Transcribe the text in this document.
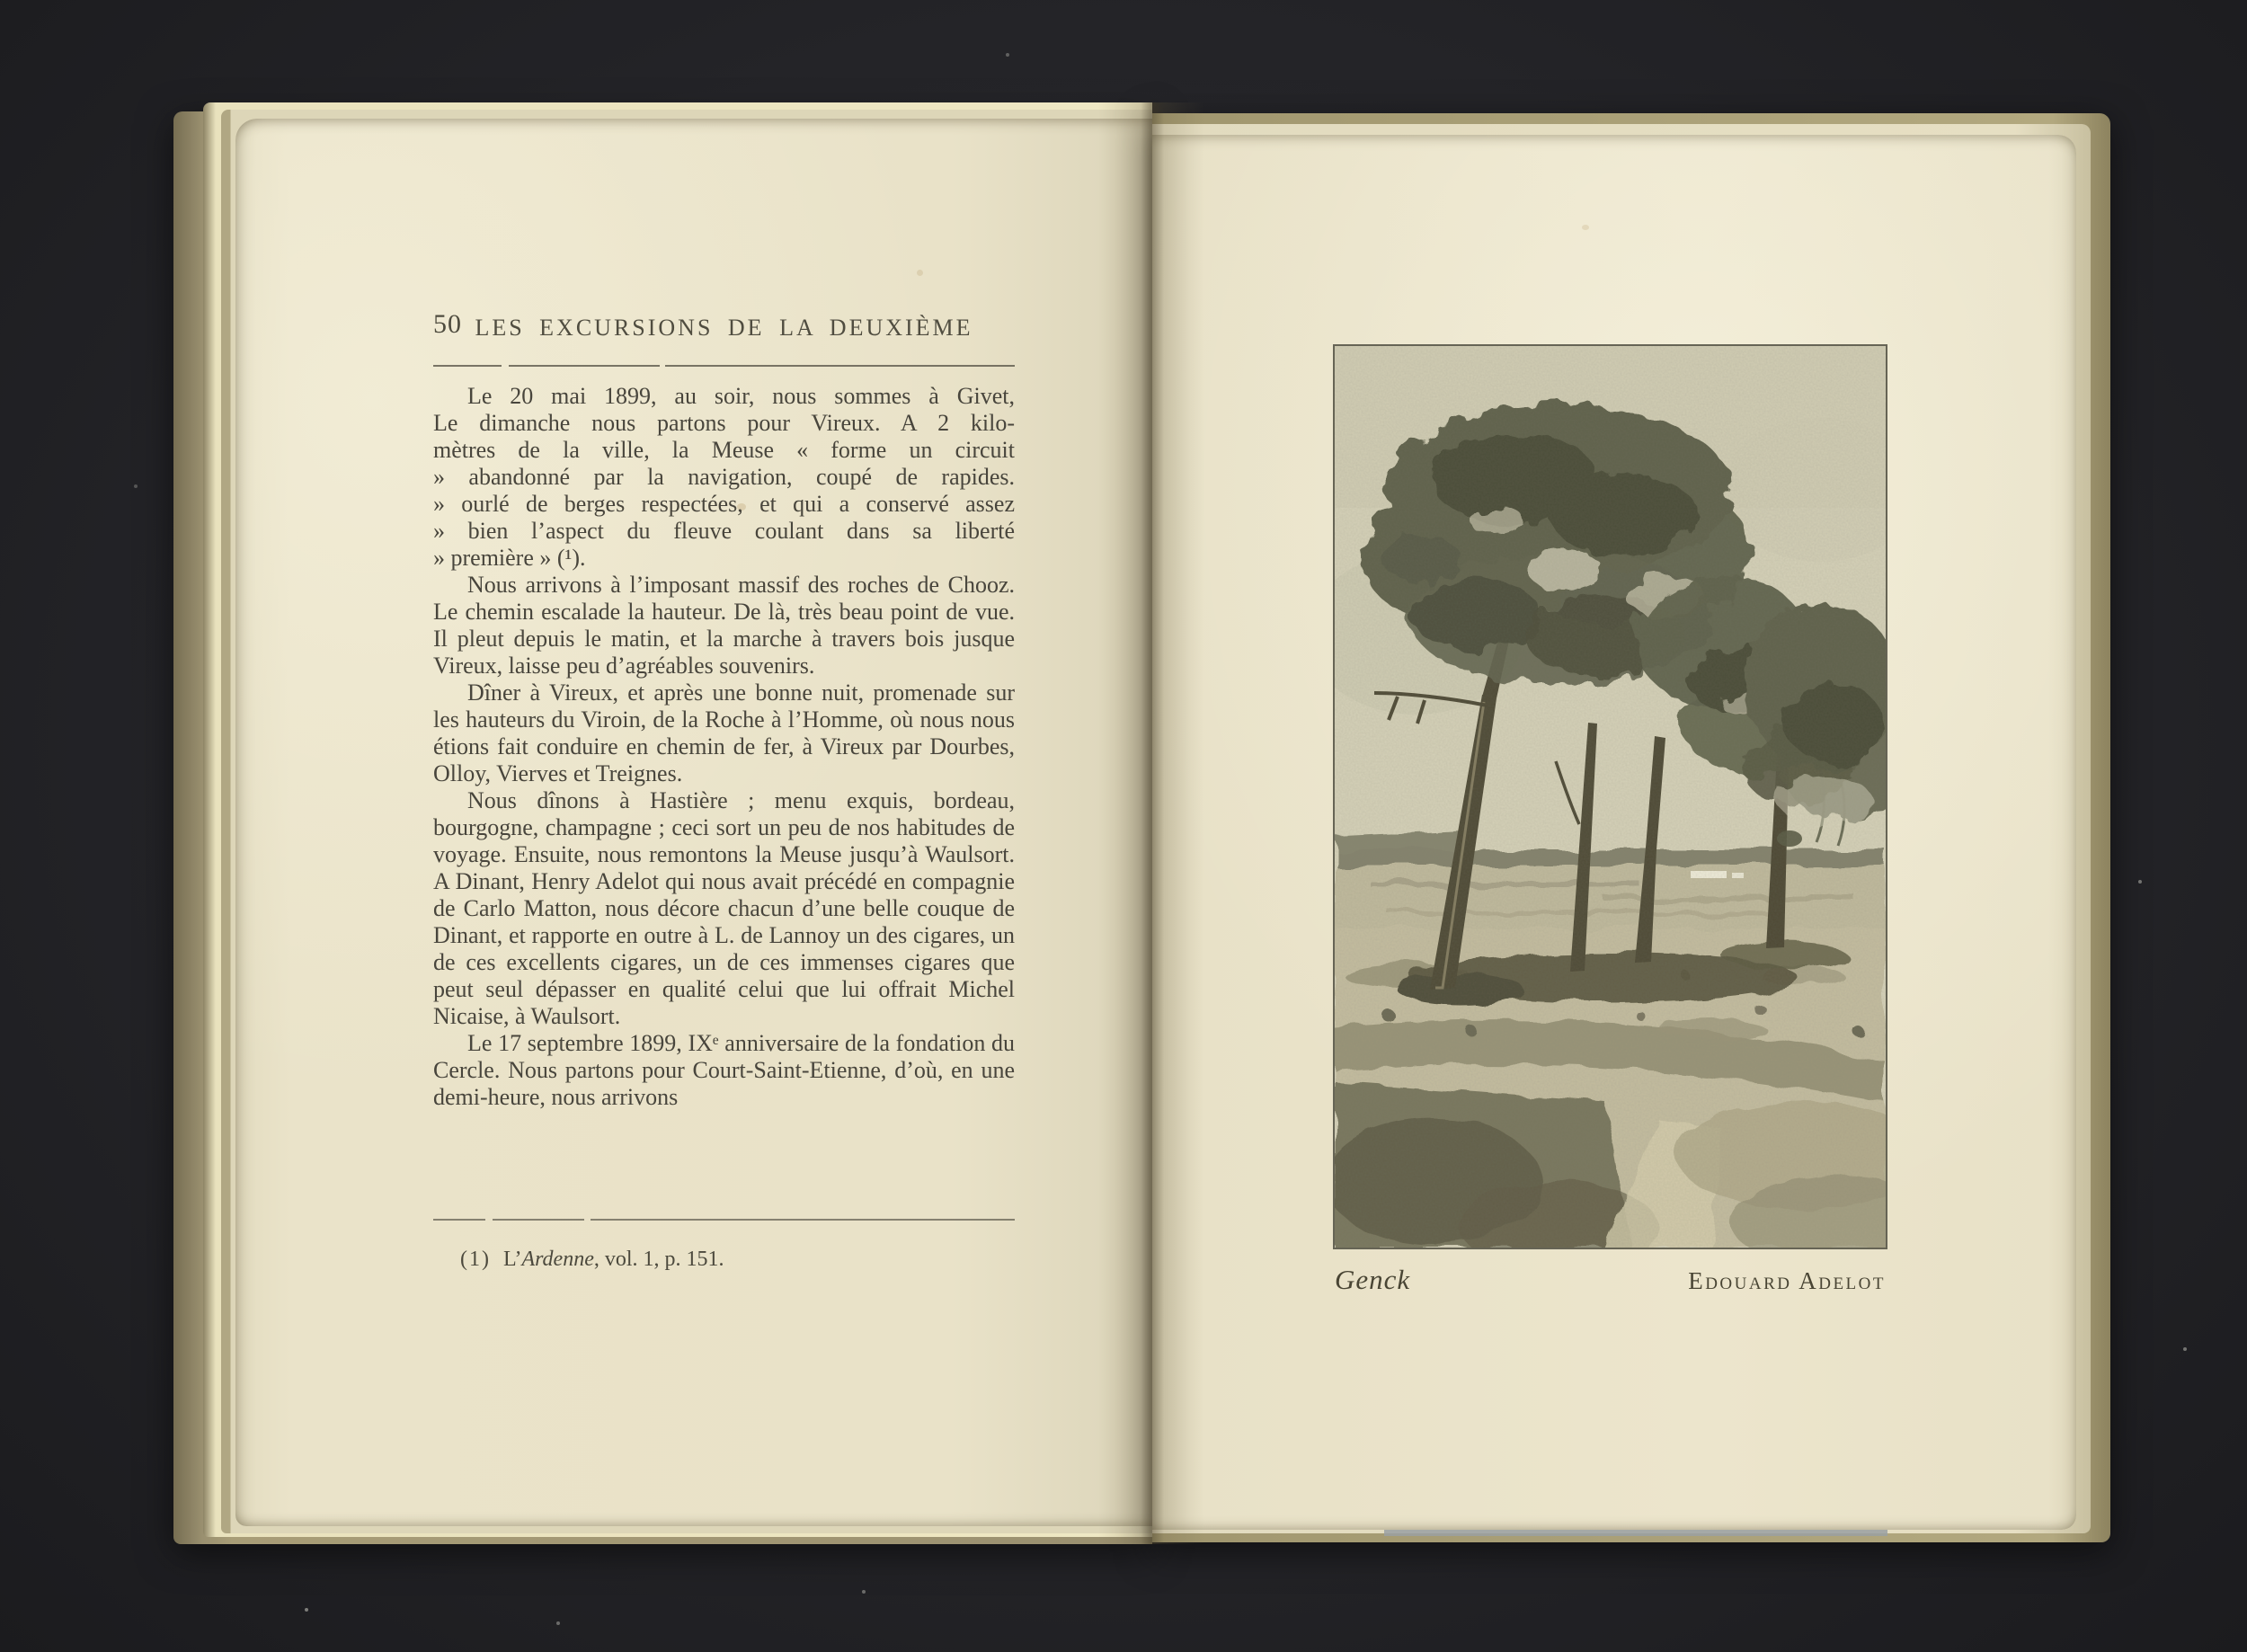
50 LES EXCURSIONS DE LA DEUXIÈME
Le 20 mai 1899, au soir, nous sommes à Givet,
Le dimanche nous partons pour Vireux. A 2 kilo-
mètres de la ville, la Meuse « forme un circuit
» abandonné par la navigation, coupé de rapides.
» ourlé de berges respectées, et qui a conservé assez
» bien l’aspect du fleuve coulant dans sa liberté
» première » (¹).

Nous arrivons à l’imposant massif des roches de Chooz. Le chemin escalade la hauteur. De là, très beau point de vue. Il pleut depuis le matin, et la marche à travers bois jusque Vireux, laisse peu d’agréables souvenirs.

Dîner à Vireux, et après une bonne nuit, promenade sur les hauteurs du Viroin, de la Roche à l’Homme, où nous nous étions fait conduire en chemin de fer, à Vireux par Dourbes, Olloy, Vierves et Treignes.

Nous dînons à Hastière ; menu exquis, bordeau, bourgogne, champagne ; ceci sort un peu de nos habitudes de voyage. Ensuite, nous remontons la Meuse jusqu’à Waulsort. A Dinant, Henry Adelot qui nous avait précédé en compagnie de Carlo Matton, nous décore chacun d’une belle couque de Dinant, et rapporte en outre à L. de Lannoy un des cigares, un de ces excellents cigares, un de ces immenses cigares que peut seul dépasser en qualité celui que lui offrait Michel Nicaise, à Waulsort.

Le 17 septembre 1899, IXᵉ anniversaire de la fondation du Cercle. Nous partons pour Court-Saint-Etienne, d’où, en une demi-heure, nous arrivons

(1) L’Ardenne, vol. 1, p. 151.
Genck	Edouard Adelot
